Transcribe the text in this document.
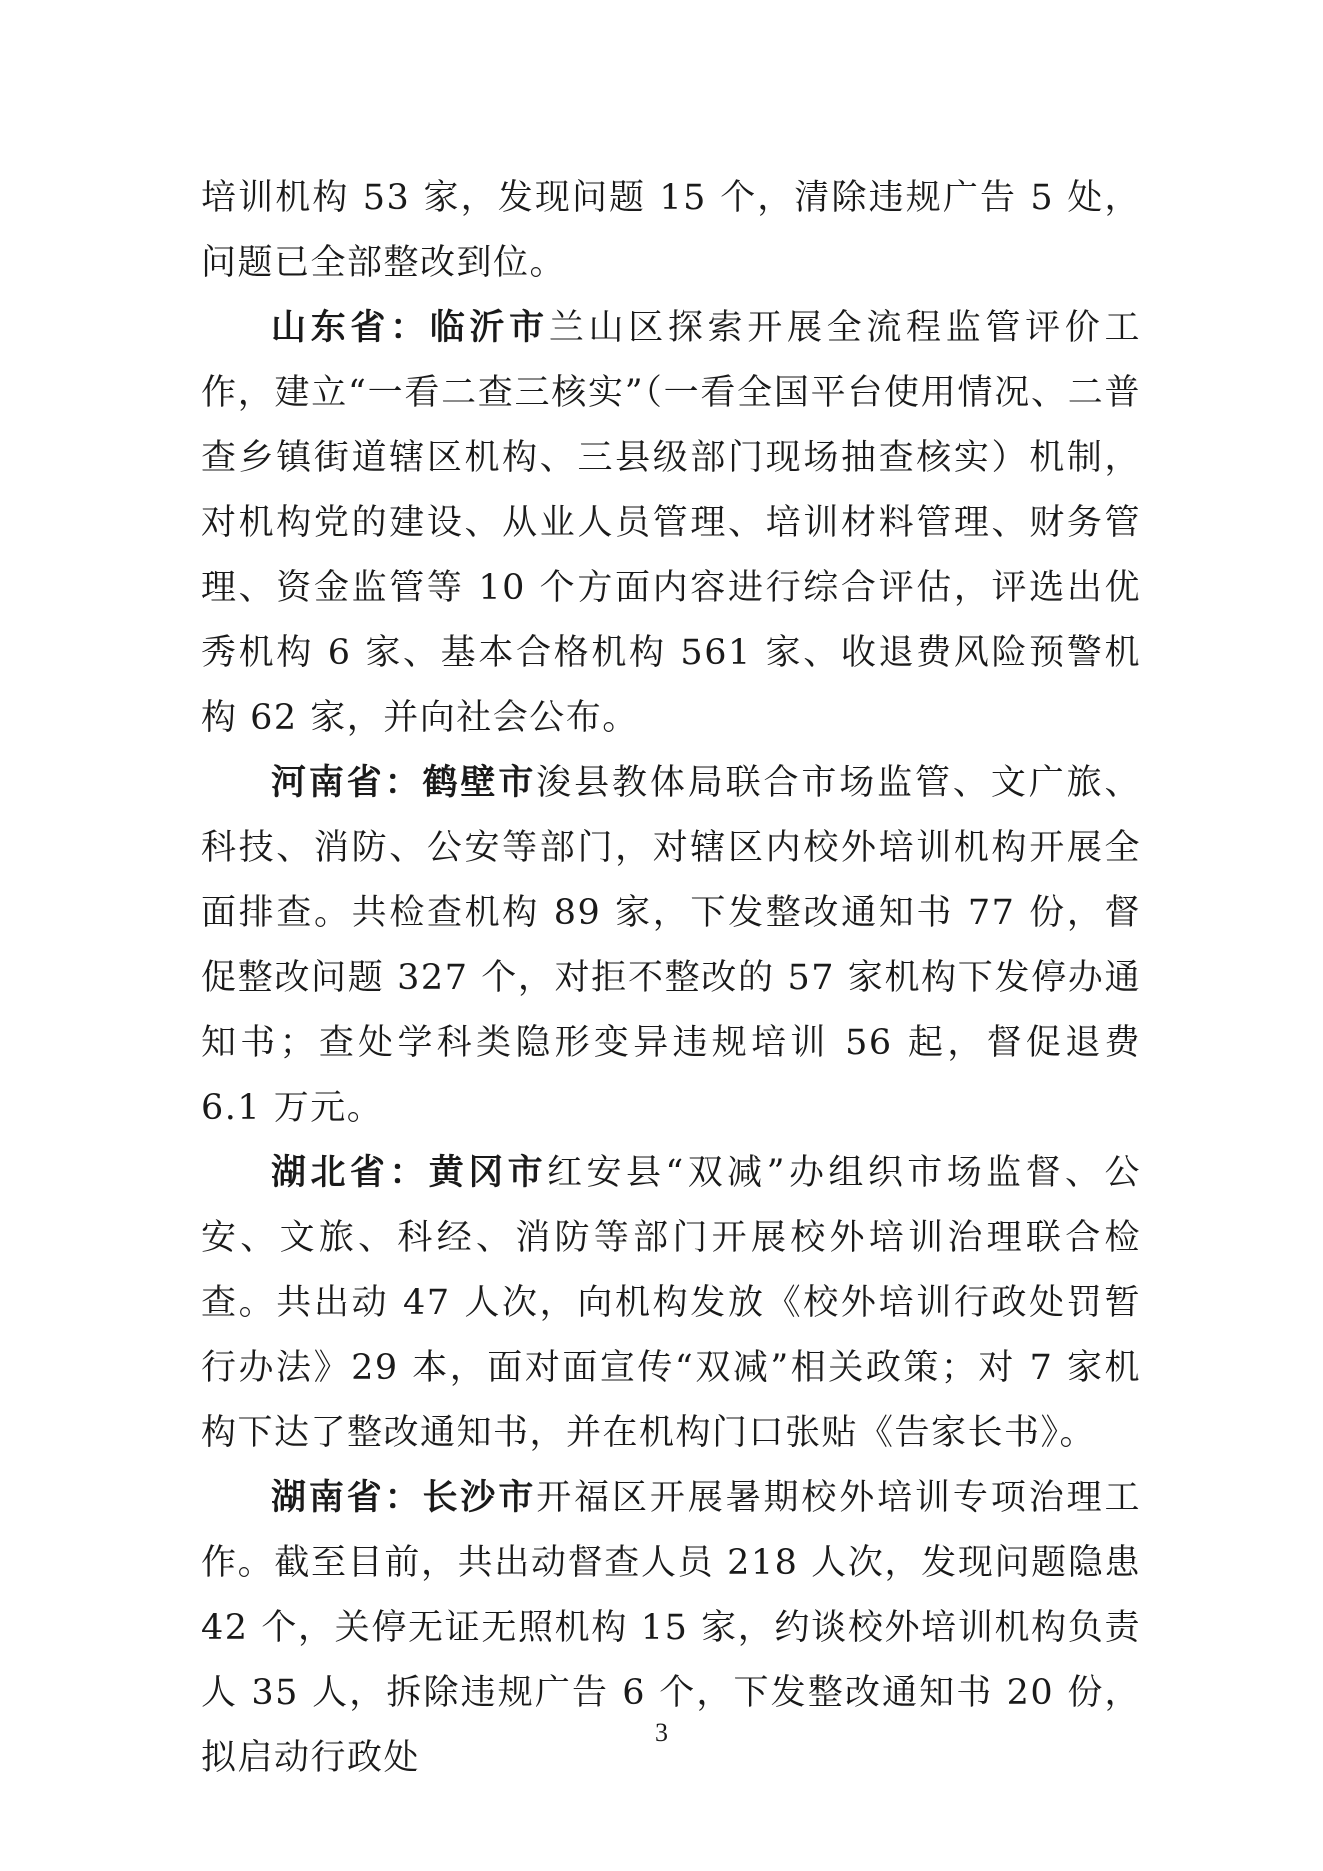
培训机构 53 家，发现问题 15 个，清除违规广告 5 处，问题已全部整改到位。

山东省：临沂市兰山区探索开展全流程监管评价工作，建立“一看二查三核实”（一看全国平台使用情况、二普查乡镇街道辖区机构、三县级部门现场抽查核实）机制，对机构党的建设、从业人员管理、培训材料管理、财务管理、资金监管等 10 个方面内容进行综合评估，评选出优秀机构 6 家、基本合格机构 561 家、收退费风险预警机构 62 家，并向社会公布。

河南省：鹤壁市浚县教体局联合市场监管、文广旅、科技、消防、公安等部门，对辖区内校外培训机构开展全面排查。共检查机构 89 家，下发整改通知书 77 份，督促整改问题 327 个，对拒不整改的 57 家机构下发停办通知书；查处学科类隐形变异违规培训 56 起，督促退费 6.1 万元。

湖北省：黄冈市红安县“双减”办组织市场监督、公安、文旅、科经、消防等部门开展校外培训治理联合检查。共出动 47 人次，向机构发放《校外培训行政处罚暂行办法》29 本，面对面宣传“双减”相关政策；对 7 家机构下达了整改通知书，并在机构门口张贴《告家长书》。

湖南省：长沙市开福区开展暑期校外培训专项治理工作。截至目前，共出动督查人员 218 人次，发现问题隐患 42 个，关停无证无照机构 15 家，约谈校外培训机构负责人 35 人，拆除违规广告 6 个，下发整改通知书 20 份，拟启动行政处

3
